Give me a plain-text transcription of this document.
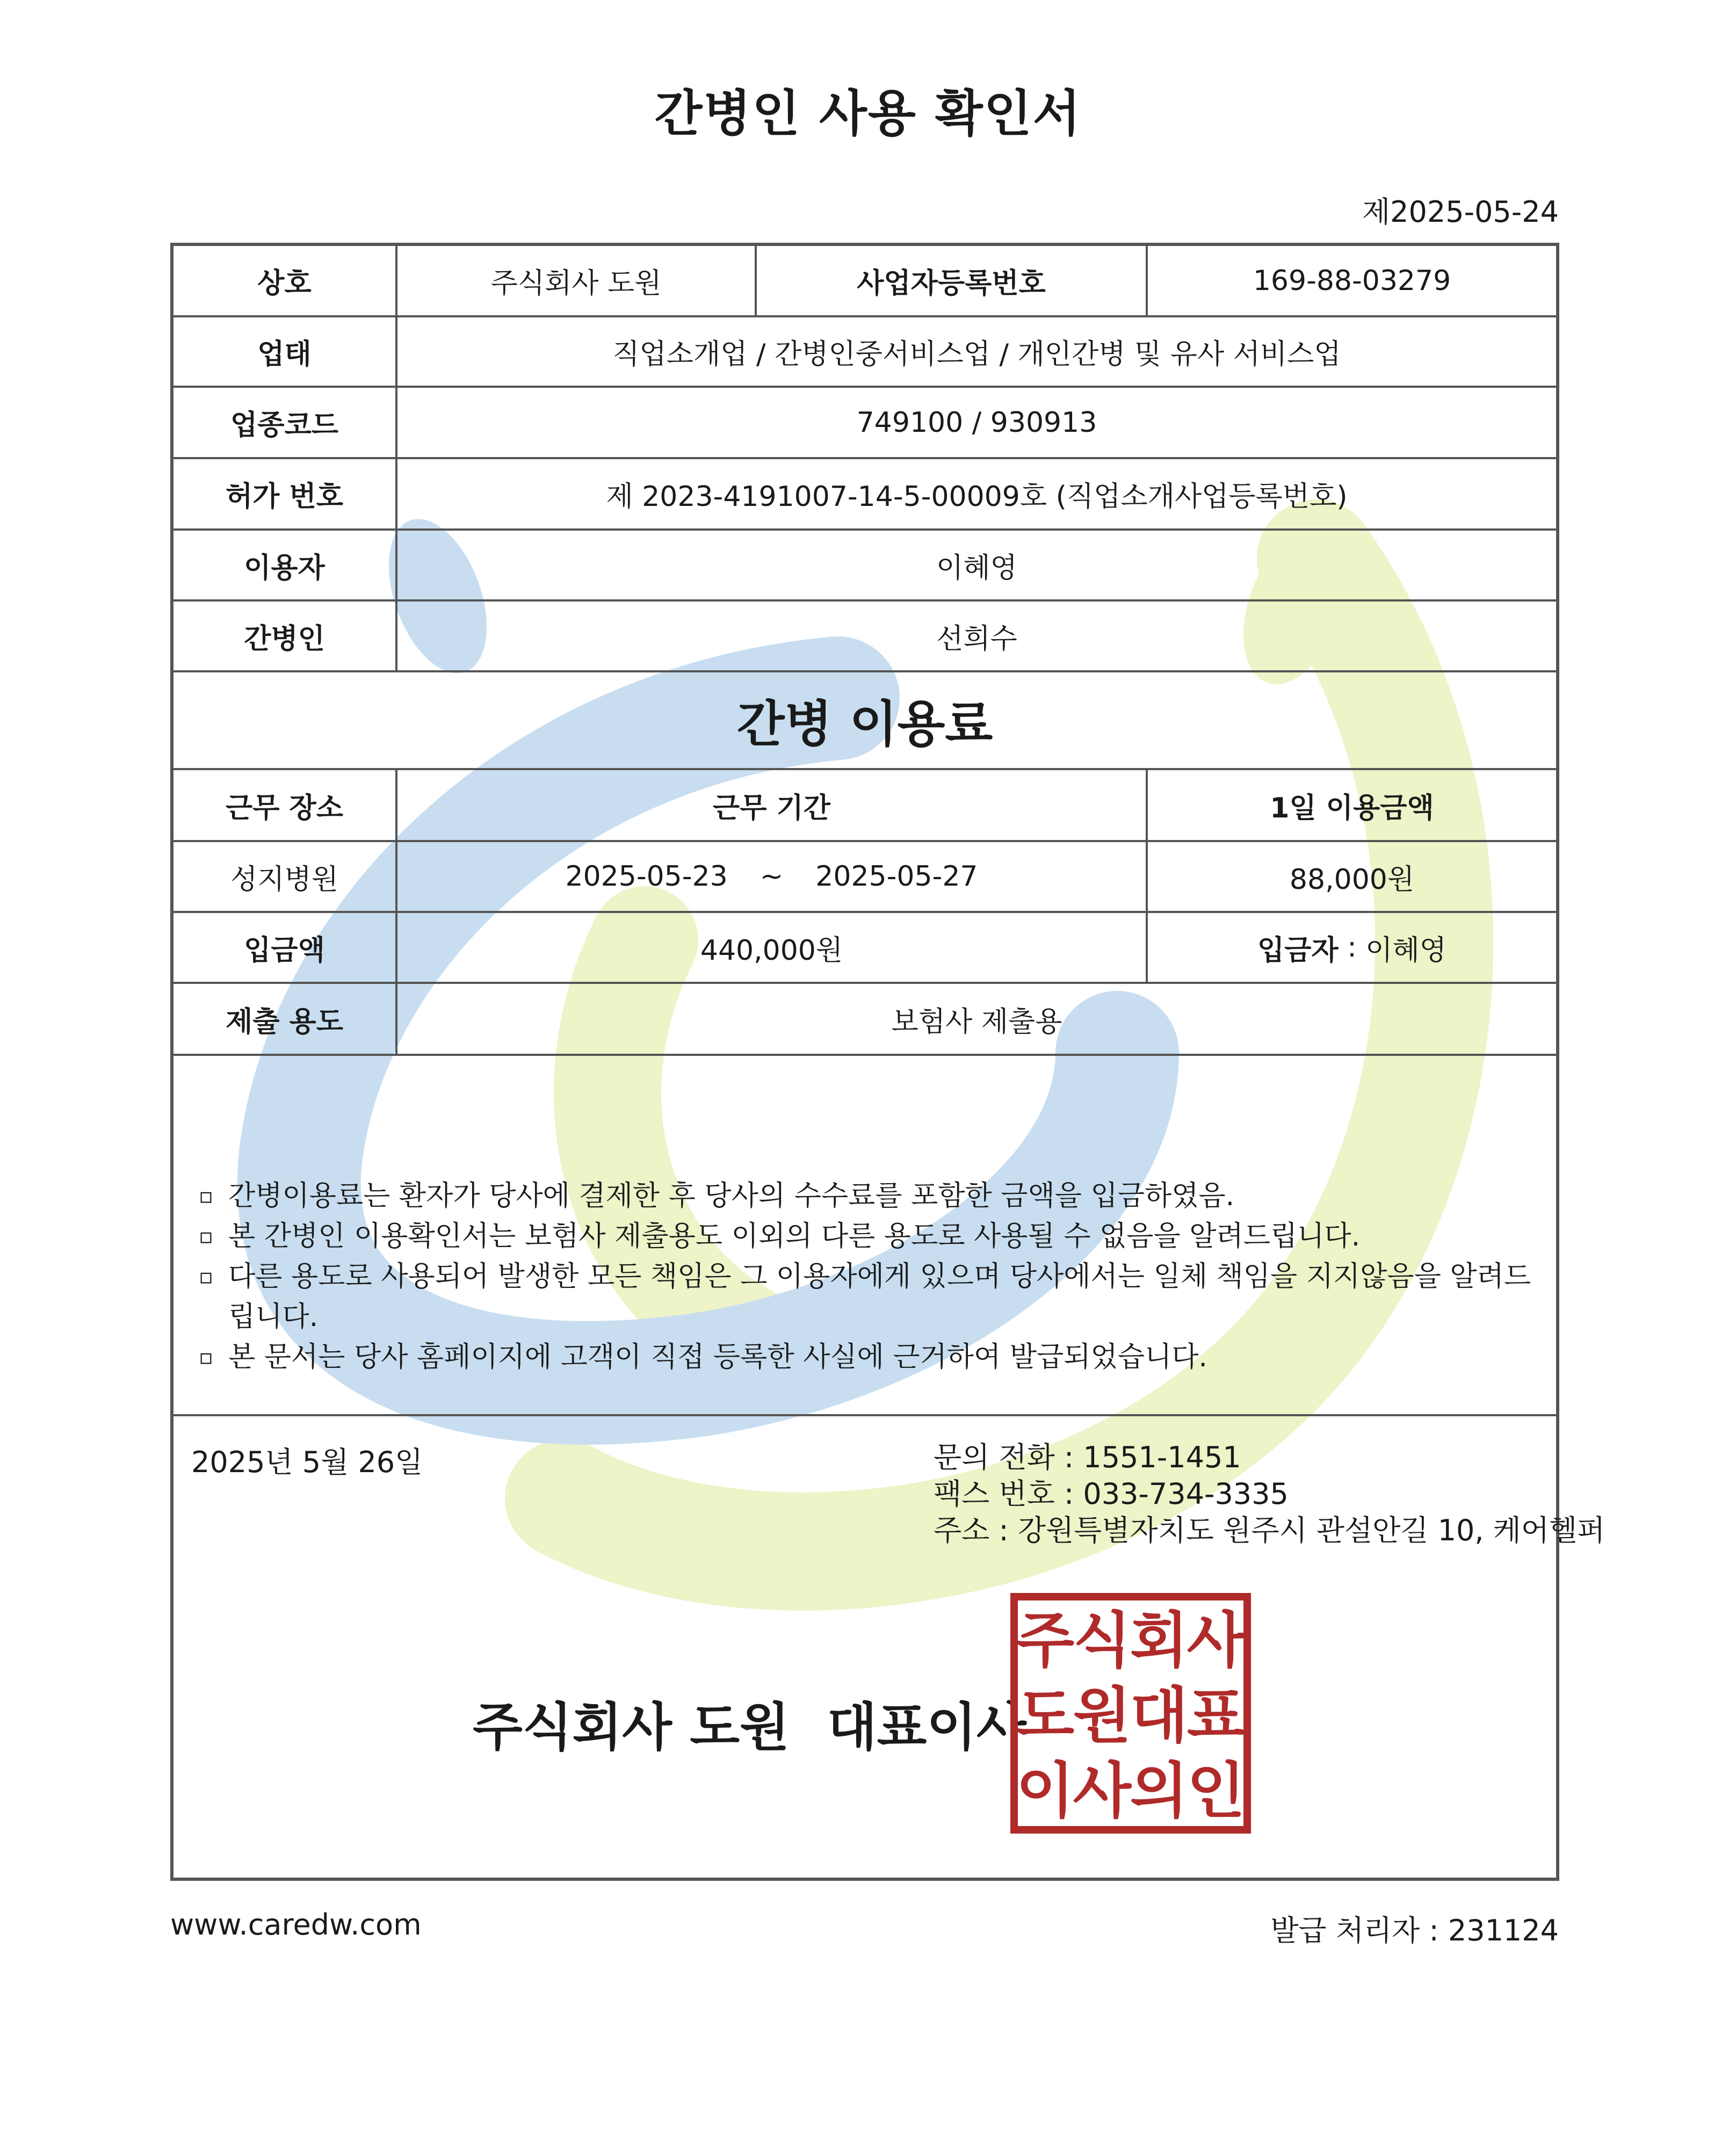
간병인 사용 확인서
제2025-05-24
상호	주식회사 도원	사업자등록번호	169-88-03279
업태	직업소개업 / 간병인중서비스업 / 개인간병 및 유사 서비스업
업종코드	749100 / 930913
허가 번호	제 2023-4191007-14-5-00009호 (직업소개사업등록번호)
이용자	이혜영
간병인	선희수
간병 이용료
근무 장소	근무 기간	1일 이용금액
성지병원	2025-05-23 ~ 2025-05-27	88,000원
입금액	440,000원	입금자 : 이혜영
제출 용도	보험사 제출용
▫ 간병이용료는 환자가 당사에 결제한 후 당사의 수수료를 포함한 금액을 입금하였음.
▫ 본 간병인 이용확인서는 보험사 제출용도 이외의 다른 용도로 사용될 수 없음을 알려드립니다.
▫ 다른 용도로 사용되어 발생한 모든 책임은 그 이용자에게 있으며 당사에서는 일체 책임을 지지않음을 알려드립니다.
▫ 본 문서는 당사 홈페이지에 고객이 직접 등록한 사실에 근거하여 발급되었습니다.
2025년 5월 26일	문의 전화 : 1551-1451
팩스 번호 : 033-734-3335
주소 : 강원특별자치도 원주시 관설안길 10, 케어헬퍼
주식회사 도원 대표이사
주
식
회
사
도
원
대
표
이
사
의
인
www.caredw.com	발급 처리자 : 231124
